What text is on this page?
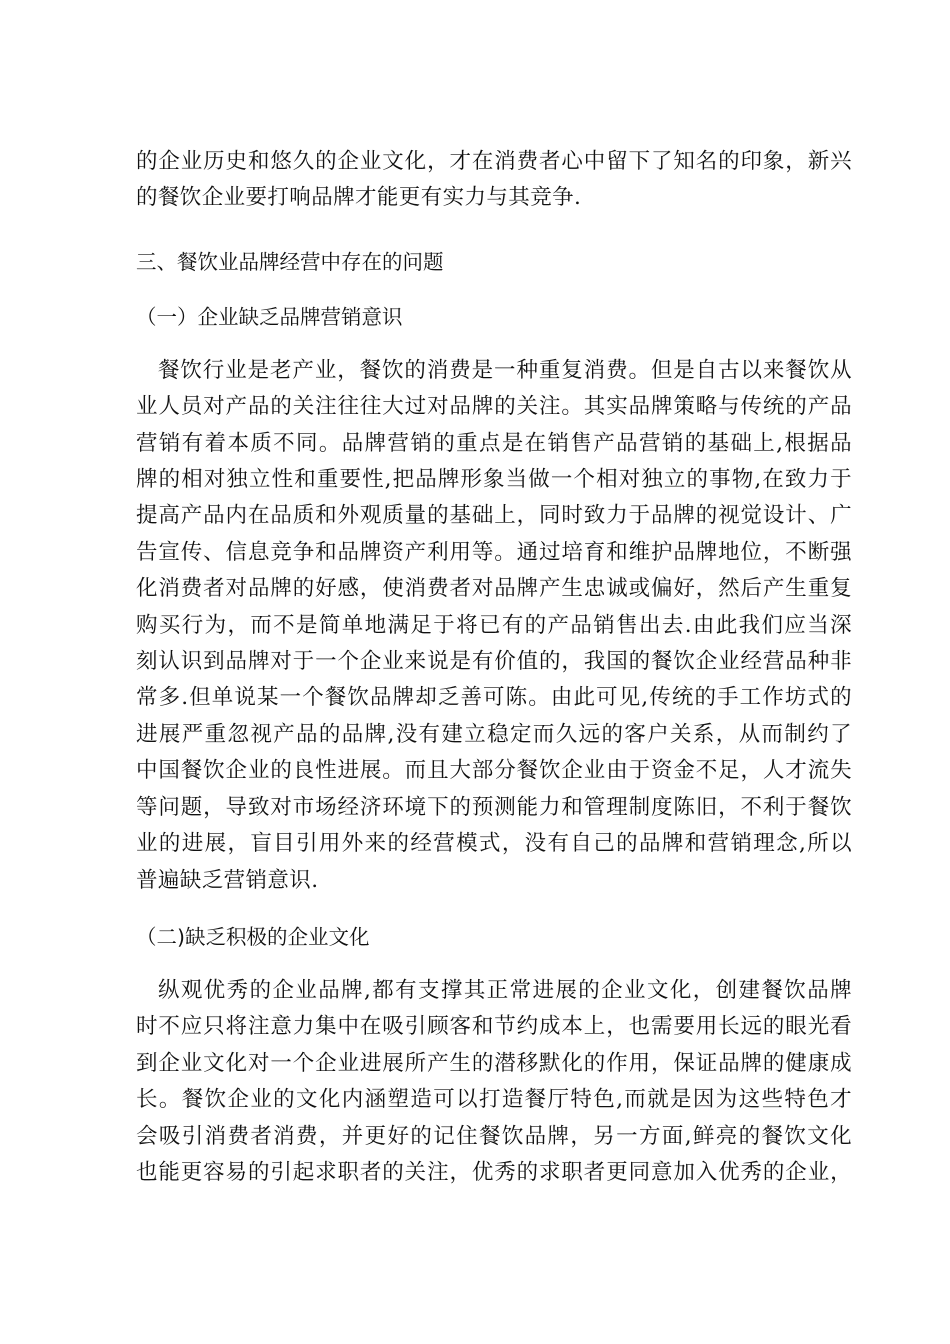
的企业历史和悠久的企业文化，才在消费者心中留下了知名的印象，新兴
的餐饮企业要打响品牌才能更有实力与其竞争.
三、餐饮业品牌经营中存在的问题
（一）企业缺乏品牌营销意识
餐饮行业是老产业，餐饮的消费是一种重复消费。但是自古以来餐饮从
业人员对产品的关注往往大过对品牌的关注。其实品牌策略与传统的产品
营销有着本质不同。品牌营销的重点是在销售产品营销的基础上,根据品
牌的相对独立性和重要性,把品牌形象当做一个相对独立的事物,在致力于
提高产品内在品质和外观质量的基础上，同时致力于品牌的视觉设计、广
告宣传、信息竞争和品牌资产利用等。通过培育和维护品牌地位，不断强
化消费者对品牌的好感，使消费者对品牌产生忠诚或偏好，然后产生重复
购买行为，而不是简单地满足于将已有的产品销售出去.由此我们应当深
刻认识到品牌对于一个企业来说是有价值的，我国的餐饮企业经营品种非
常多.但单说某一个餐饮品牌却乏善可陈。由此可见,传统的手工作坊式的
进展严重忽视产品的品牌,没有建立稳定而久远的客户关系，从而制约了
中国餐饮企业的良性进展。而且大部分餐饮企业由于资金不足，人才流失
等问题，导致对市场经济环境下的预测能力和管理制度陈旧，不利于餐饮
业的进展，盲目引用外来的经营模式，没有自己的品牌和营销理念,所以
普遍缺乏营销意识.
（二)缺乏积极的企业文化
纵观优秀的企业品牌,都有支撑其正常进展的企业文化，创建餐饮品牌
时不应只将注意力集中在吸引顾客和节约成本上，也需要用长远的眼光看
到企业文化对一个企业进展所产生的潜移默化的作用，保证品牌的健康成
长。餐饮企业的文化内涵塑造可以打造餐厅特色,而就是因为这些特色才
会吸引消费者消费，并更好的记住餐饮品牌，另一方面,鲜亮的餐饮文化
也能更容易的引起求职者的关注，优秀的求职者更同意加入优秀的企业，
